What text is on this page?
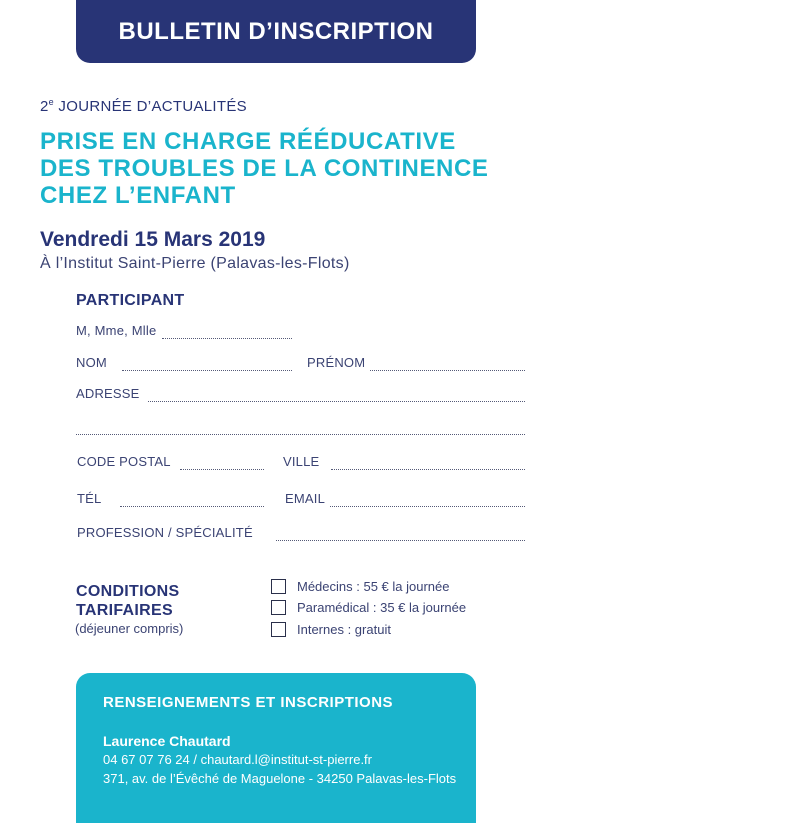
BULLETIN D’INSCRIPTION
2e JOURNÉE D’ACTUALITÉS
PRISE EN CHARGE RÉÉDUCATIVE
DES TROUBLES DE LA CONTINENCE
CHEZ L’ENFANT
Vendredi 15 Mars 2019
À l’Institut Saint-Pierre (Palavas-les-Flots)
PARTICIPANT
M, Mme, Mlle
NOM	PRÉNOM
ADRESSE
CODE POSTAL	VILLE
TÉL	EMAIL
PROFESSION / SPÉCIALITÉ
CONDITIONS
TARIFAIRES
(déjeuner compris)
Médecins : 55 € la journée
Paramédical : 35 € la journée
Internes : gratuit
RENSEIGNEMENTS ET INSCRIPTIONS
Laurence Chautard
04 67 07 76 24 / chautard.l@institut-st-pierre.fr
371, av. de l’Évêché de Maguelone - 34250 Palavas-les-Flots
